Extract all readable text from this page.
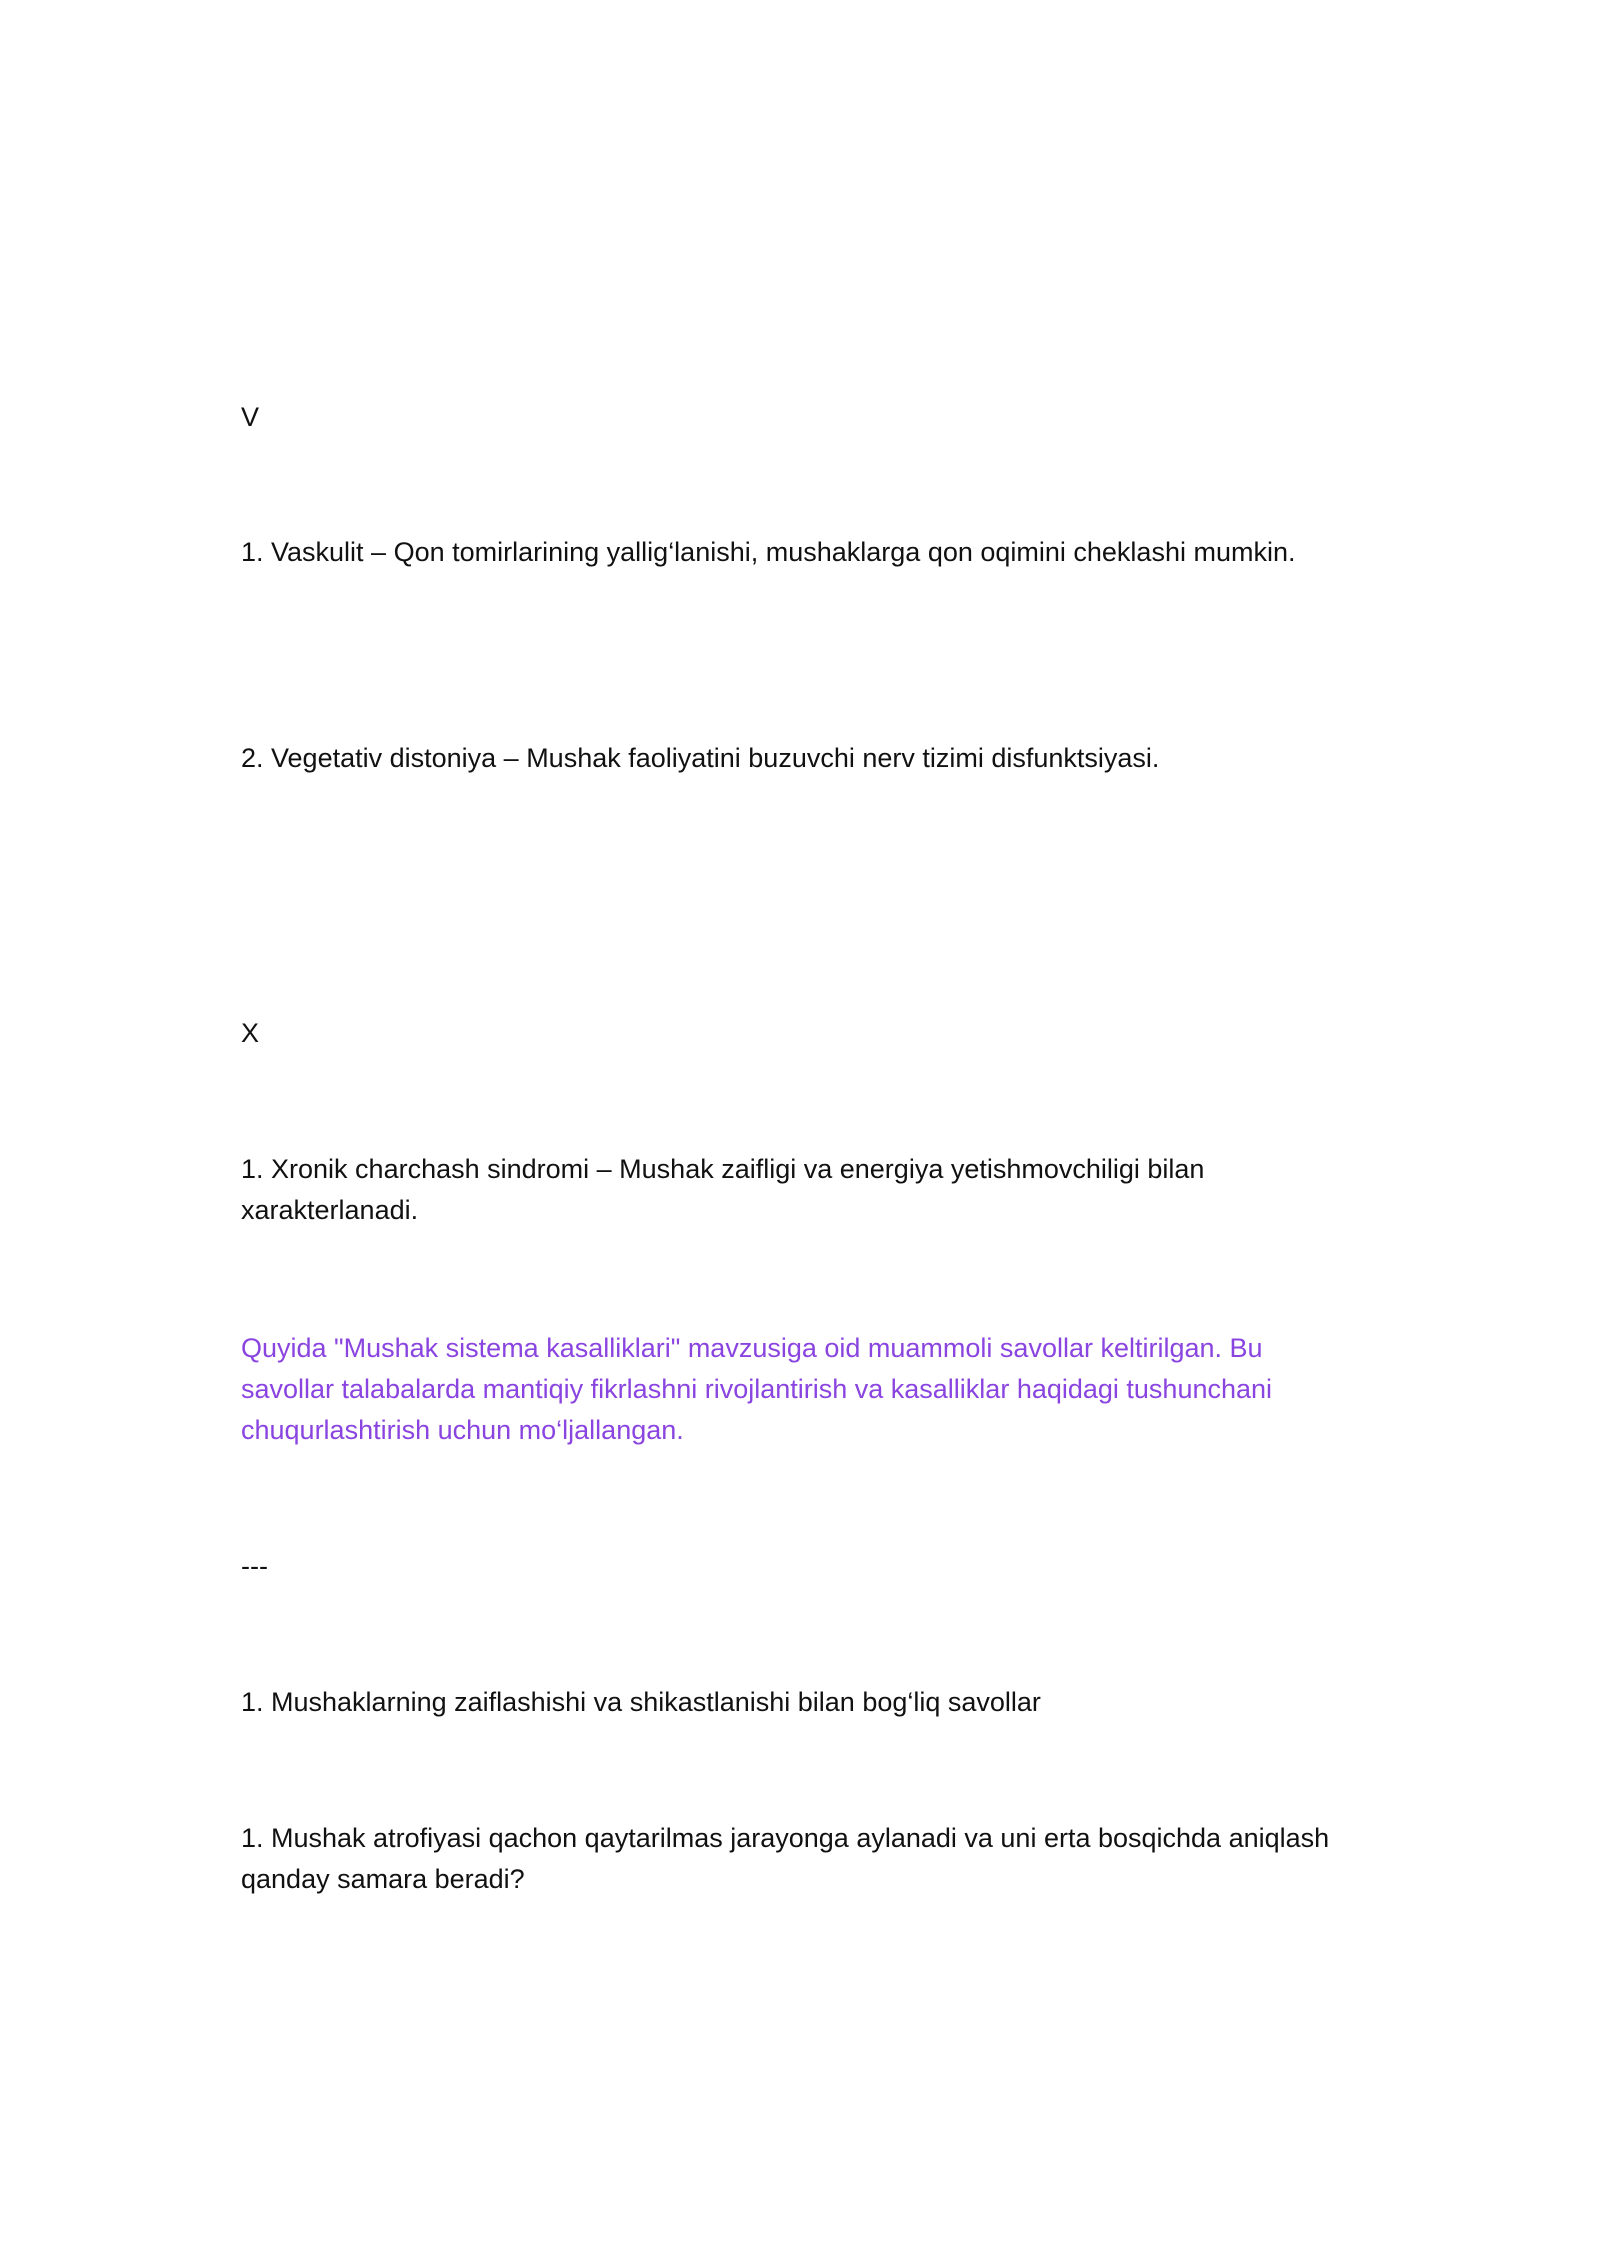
V

1. Vaskulit – Qon tomirlarining yallig‘lanishi, mushaklarga qon oqimini cheklashi mumkin.

2. Vegetativ distoniya – Mushak faoliyatini buzuvchi nerv tizimi disfunktsiyasi.

X

1. Xronik charchash sindromi – Mushak zaifligi va energiya yetishmovchiligi bilan xarakterlanadi.

Quyida "Mushak sistema kasalliklari" mavzusiga oid muammoli savollar keltirilgan. Bu savollar talabalarda mantiqiy fikrlashni rivojlantirish va kasalliklar haqidagi tushunchani chuqurlashtirish uchun mo‘ljallangan.

---

1. Mushaklarning zaiflashishi va shikastlanishi bilan bog‘liq savollar

1. Mushak atrofiyasi qachon qaytarilmas jarayonga aylanadi va uni erta bosqichda aniqlash qanday samara beradi?
